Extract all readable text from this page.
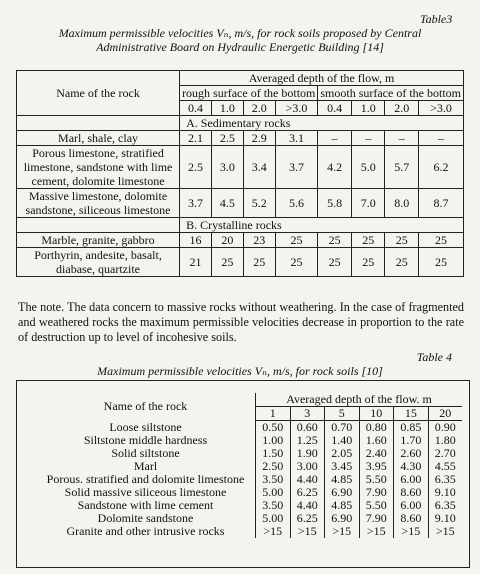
Table3
Maximum permissible velocities Vₙ, m/s, for rock soils proposed by Central
Administrative Board on Hydraulic Energetic Building [14]
Name of the rock	Averaged depth of the flow, m							
	rough surface of the bottom				smooth surface of the bottom			
	0.4	1.0	2.0	>3.0	0.4	1.0	2.0	>3.0
	A. Sedimentary rocks							
Marl, shale, clay	2.1	2.5	2.9	3.1	–	–	–	–
Porous limestone, stratified limestone, sandstone with lime cement, dolomite limestone	2.5	3.0	3.4	3.7	4.2	5.0	5.7	6.2
Massive limestone, dolomite sandstone, siliceous limestone	3.7	4.5	5.2	5.6	5.8	7.0	8.0	8.7
	B. Crystalline rocks							
Marble, granite, gabbro	16	20	23	25	25	25	25	25
Porthyrin, andesite, basalt, diabase, quartzite	21	25	25	25	25	25	25	25
The note. The data concern to massive rocks without weathering. In the case of fragmented and weathered rocks the maximum permissible velocities decrease in proportion to the rate of destruction up to level of incohesive soils.
Table 4
Maximum permissible velocities Vₙ, m/s, for rock soils [10]
Name of the rock	Averaged depth of the flow. m					
	1	3	5	10	15	20
Loose siltstone	0.50	0.60	0.70	0.80	0.85	0.90
Siltstone middle hardness	1.00	1.25	1.40	1.60	1.70	1.80
Solid siltstone	1.50	1.90	2.05	2.40	2.60	2.70
Marl	2.50	3.00	3.45	3.95	4.30	4.55
Porous. stratified and dolomite limestone	3.50	4.40	4.85	5.50	6.00	6.35
Solid massive siliceous limestone	5.00	6.25	6.90	7.90	8.60	9.10
Sandstone with lime cement	3.50	4.40	4.85	5.50	6.00	6.35
Dolomite sandstone	5.00	6.25	6.90	7.90	8.60	9.10
Granite and other intrusive rocks	>15	>15	>15	>15	>15	>15
